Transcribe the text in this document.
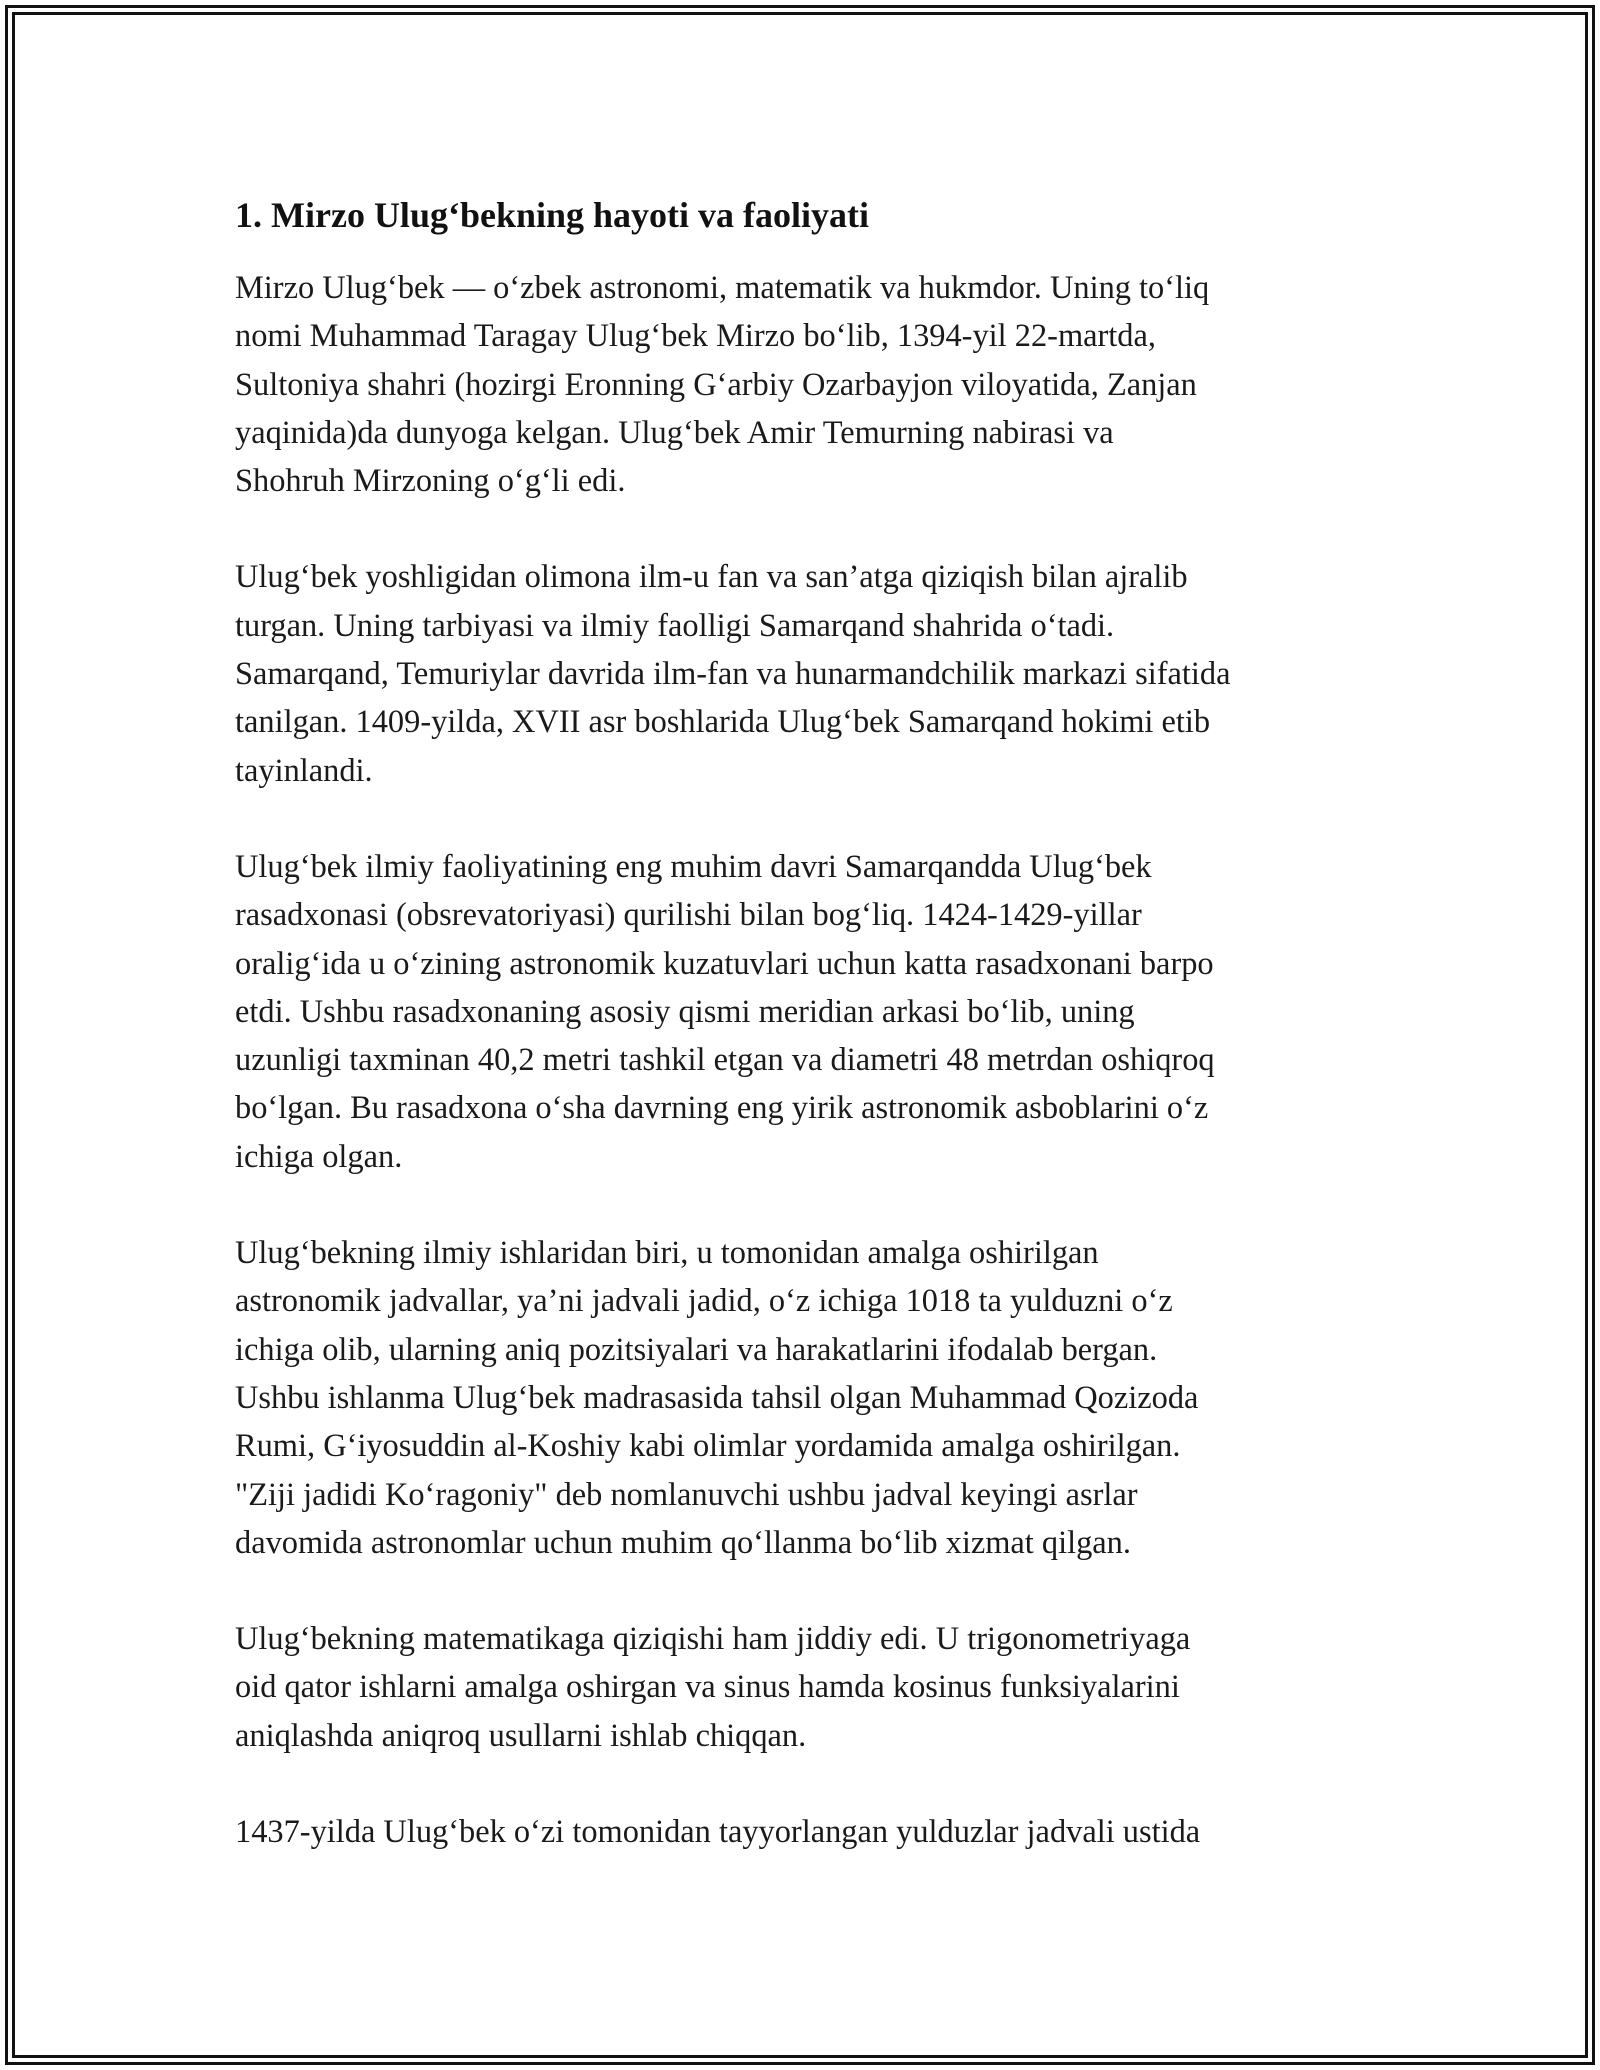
1. Mirzo Ulug‘bekning hayoti va faoliyati
Mirzo Ulug‘bek — o‘zbek astronomi, matematik va hukmdor. Uning to‘liq
nomi Muhammad Taragay Ulug‘bek Mirzo bo‘lib, 1394-yil 22-martda,
Sultoniya shahri (hozirgi Eronning G‘arbiy Ozarbayjon viloyatida, Zanjan
yaqinida)da dunyoga kelgan. Ulug‘bek Amir Temurning nabirasi va
Shohruh Mirzoning o‘g‘li edi.
Ulug‘bek yoshligidan olimona ilm-u fan va san’atga qiziqish bilan ajralib
turgan. Uning tarbiyasi va ilmiy faolligi Samarqand shahrida o‘tadi.
Samarqand, Temuriylar davrida ilm-fan va hunarmandchilik markazi sifatida
tanilgan. 1409-yilda, XVII asr boshlarida Ulug‘bek Samarqand hokimi etib
tayinlandi.
Ulug‘bek ilmiy faoliyatining eng muhim davri Samarqandda Ulug‘bek
rasadxonasi (obsrevatoriyasi) qurilishi bilan bog‘liq. 1424-1429-yillar
oralig‘ida u o‘zining astronomik kuzatuvlari uchun katta rasadxonani barpo
etdi. Ushbu rasadxonaning asosiy qismi meridian arkasi bo‘lib, uning
uzunligi taxminan 40,2 metri tashkil etgan va diametri 48 metrdan oshiqroq
bo‘lgan. Bu rasadxona o‘sha davrning eng yirik astronomik asboblarini o‘z
ichiga olgan.
Ulug‘bekning ilmiy ishlaridan biri, u tomonidan amalga oshirilgan
astronomik jadvallar, ya’ni jadvali jadid, o‘z ichiga 1018 ta yulduzni o‘z
ichiga olib, ularning aniq pozitsiyalari va harakatlarini ifodalab bergan.
Ushbu ishlanma Ulug‘bek madrasasida tahsil olgan Muhammad Qozizoda
Rumi, G‘iyosuddin al-Koshiy kabi olimlar yordamida amalga oshirilgan.
"Ziji jadidi Ko‘ragoniy" deb nomlanuvchi ushbu jadval keyingi asrlar
davomida astronomlar uchun muhim qo‘llanma bo‘lib xizmat qilgan.
Ulug‘bekning matematikaga qiziqishi ham jiddiy edi. U trigonometriyaga
oid qator ishlarni amalga oshirgan va sinus hamda kosinus funksiyalarini
aniqlashda aniqroq usullarni ishlab chiqqan.
1437-yilda Ulug‘bek o‘zi tomonidan tayyorlangan yulduzlar jadvali ustida
